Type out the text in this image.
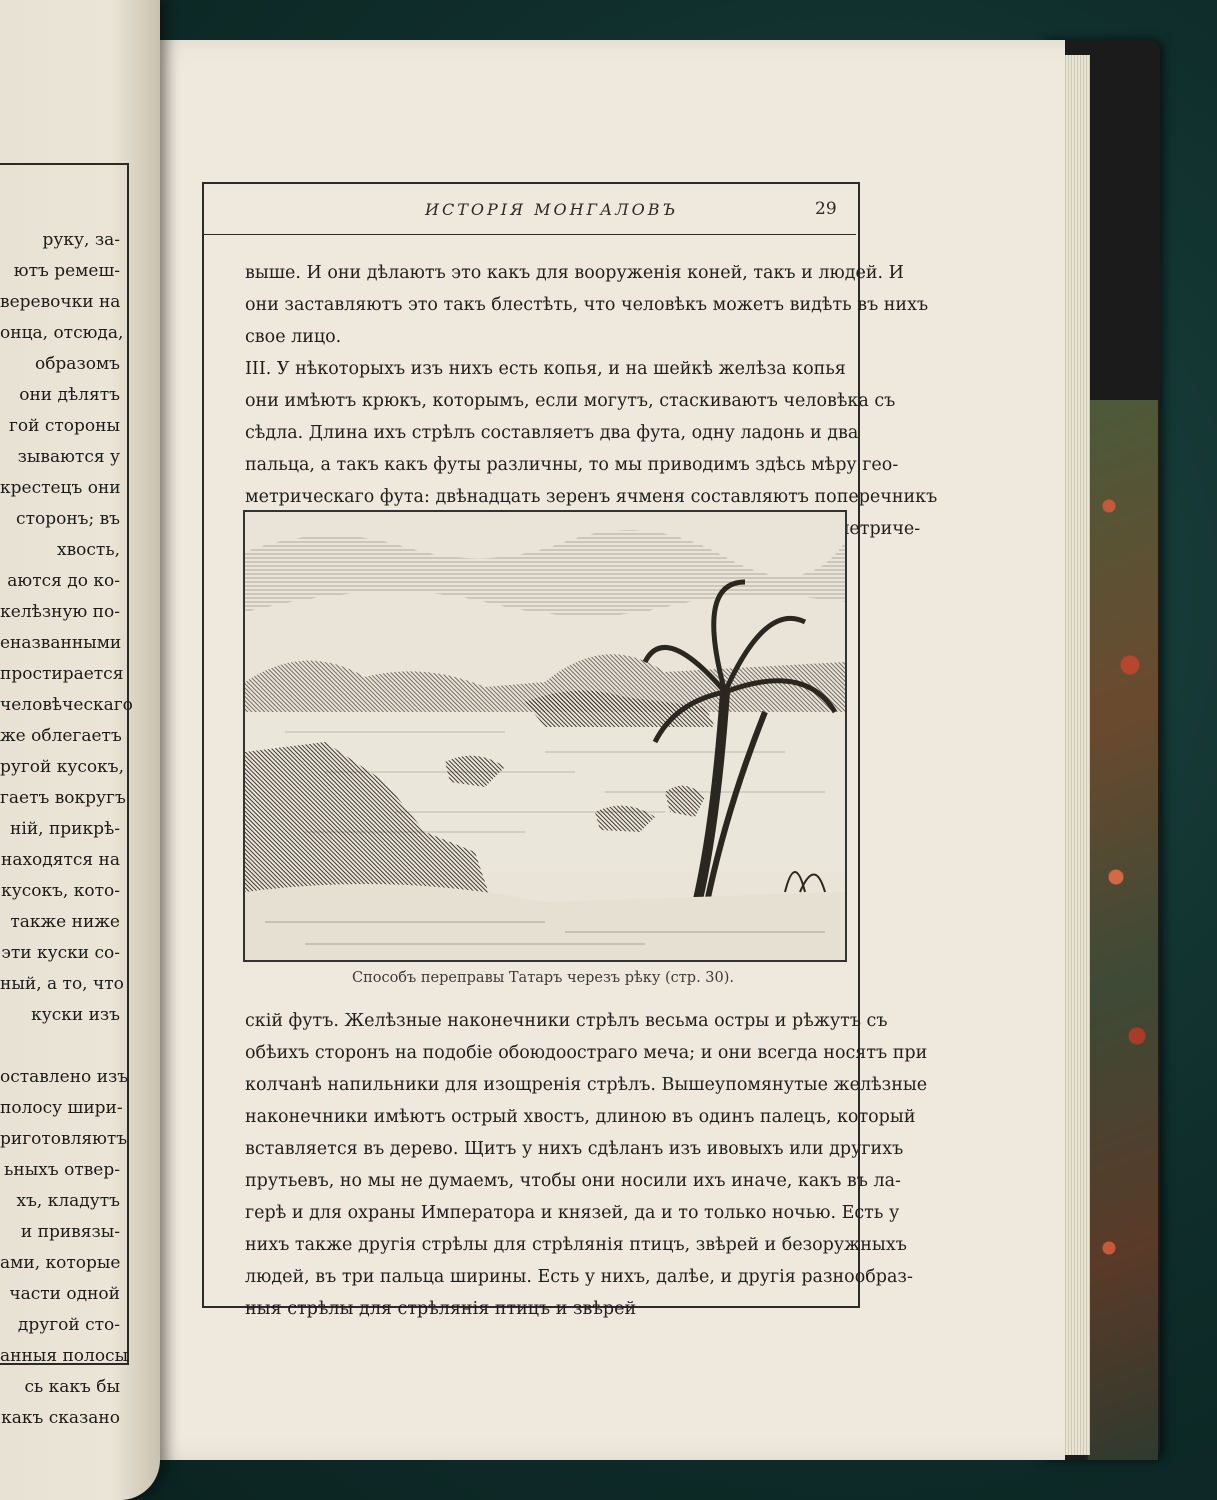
руку, за-
ютъ ремеш-
веревочки на
онца, отсюда,
образомъ
они дѣлятъ
гой стороны
зываются у
крестецъ они
сторонъ; въ
хвость,
аются до ко-
келѣзную по-
еназванными
простирается
человѣческаго
же облегаетъ
ругой кусокъ,
гаетъ вокругъ
ній, прикрѣ-
находятся на
кусокъ, кото-
также ниже
эти куски со-
ный, а то, что
куски изъ
оставлено изъ
полосу шири-
риготовляютъ
ьныхъ отвер-
хъ, кладутъ
и привязы-
ами, которые
части одной
другой сто-
анныя полосы
сь какъ бы
какъ сказано
ИСТОРІЯ МОНГАЛОВЪ	29
выше. И они дѣлаютъ это какъ для вооруженія коней, такъ и людей. И
они заставляютъ это такъ блестѣть, что человѣкъ можетъ видѣть въ нихъ
свое лицо.
III. У нѣкоторыхъ изъ нихъ есть копья, и на шейкѣ желѣза копья
они имѣютъ крюкъ, которымъ, если могутъ, стаскиваютъ человѣка съ
сѣдла. Длина ихъ стрѣлъ составляетъ два фута, одну ладонь и два
пальца, а такъ какъ футы различны, то мы приводимъ здѣсь мѣру гео-
метрическаго фута: двѣнадцать зеренъ ячменя составляютъ поперечникъ
Способъ переправы Татаръ черезъ рѣку (стр. 30).
скій футъ. Желѣзные наконечники стрѣлъ весьма остры и рѣжутъ съ
обѣихъ сторонъ на подобіе обоюдоостраго меча; и они всегда носятъ при
колчанѣ напильники для изощренія стрѣлъ. Вышеупомянутые желѣзные
наконечники имѣютъ острый хвостъ, длиною въ одинъ палецъ, который
вставляется въ дерево. Щитъ у нихъ сдѣланъ изъ ивовыхъ или другихъ
прутьевъ, но мы не думаемъ, чтобы они носили ихъ иначе, какъ въ ла-
герѣ и для охраны Императора и князей, да и то только ночью. Есть у
нихъ также другія стрѣлы для стрѣлянія птицъ, звѣрей и безоружныхъ
людей, въ три пальца ширины. Есть у нихъ, далѣе, и другія разнообраз-
ныя стрѣлы для стрѣлянія птицъ и звѣрей
